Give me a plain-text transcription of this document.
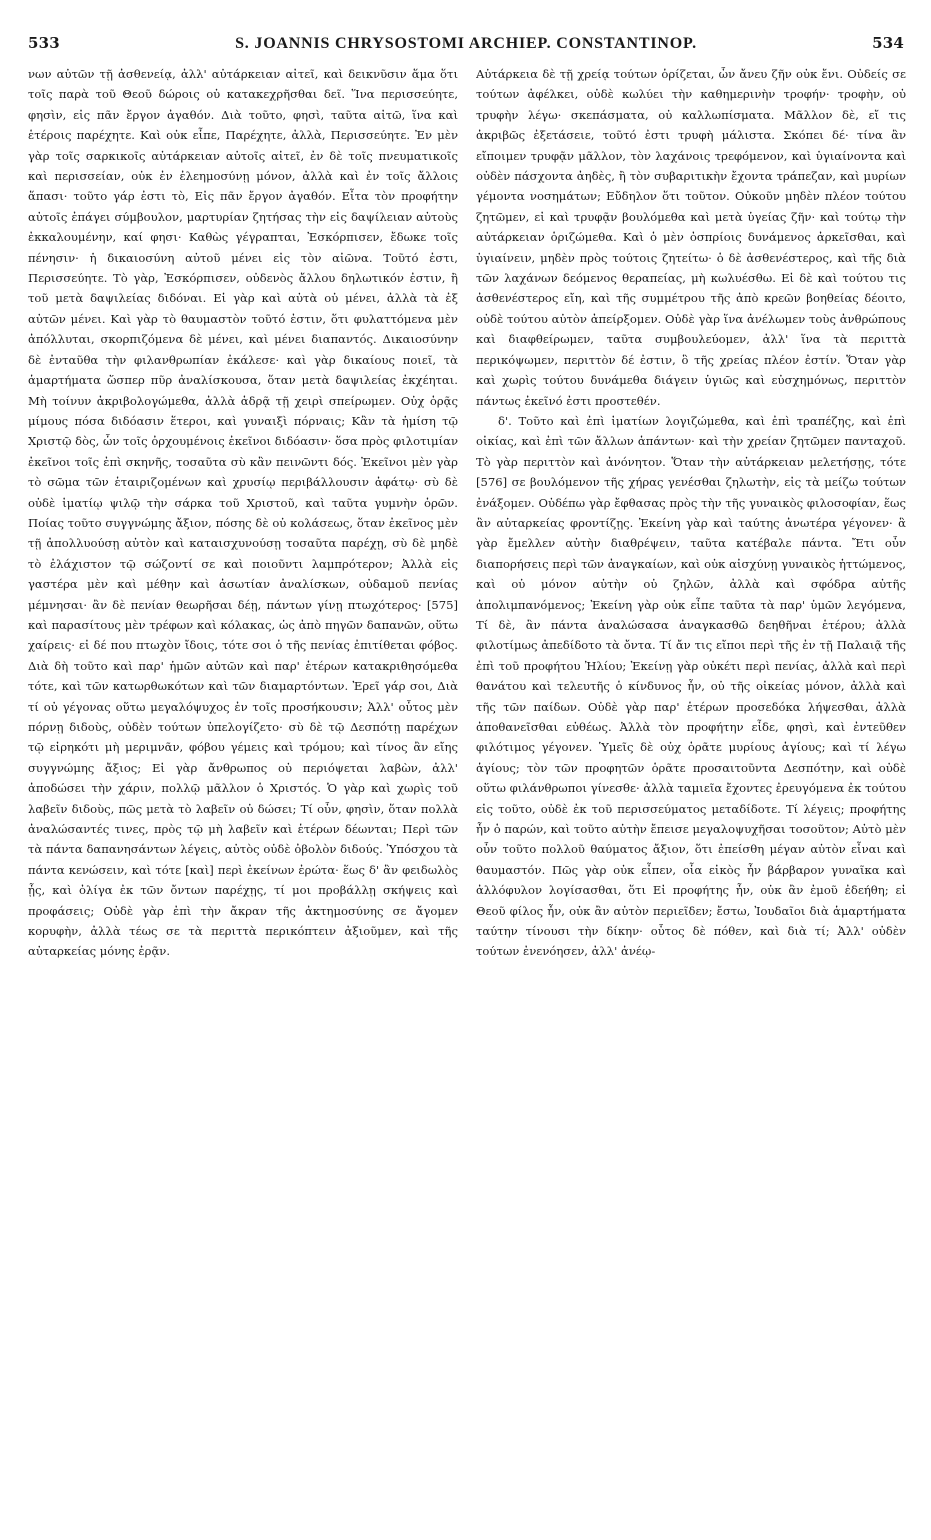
533	S. JOANNIS CHRYSOSTOMI ARCHIEP. CONSTANTINOP.	534

νων αὐτῶν τῇ ἀσθενείᾳ, ἀλλ' αὐτάρκειαν αἰτεῖ, καὶ δεικνῦσιν ἅμα ὅτι τοῖς παρὰ τοῦ Θεοῦ δώροις οὐ κατακεχρῆσθαι δεῖ. Ἵνα περισσεύητε, φησὶν, εἰς πᾶν ἔργον ἀγαθόν. Διὰ τοῦτο, φησὶ, ταῦτα αἰτῶ, ἵνα καὶ ἑτέροις παρέχητε. Καὶ οὐκ εἶπε, Παρέχητε, ἀλλὰ, Περισσεύητε. Ἐν μὲν γὰρ τοῖς σαρκικοῖς αὐτάρκειαν αὐτοῖς αἰτεῖ, ἐν δὲ τοῖς πνευματικοῖς καὶ περισσείαν, οὐκ ἐν ἐλεημοσύνῃ μόνον, ἀλλὰ καὶ ἐν τοῖς ἄλλοις ἅπασι· τοῦτο γάρ ἐστι τὸ, Εἰς πᾶν ἔργον ἀγαθόν. Εἶτα τὸν προφήτην αὐτοῖς ἐπάγει σύμβουλον, μαρτυρίαν ζητήσας τὴν εἰς δαψίλειαν αὐτοὺς ἐκκαλουμένην, καί φησι· Καθὼς γέγραπται, Ἐσκόρπισεν, ἔδωκε τοῖς πένησιν· ἡ δικαιοσύνη αὐτοῦ μένει εἰς τὸν αἰῶνα. Τοῦτό ἐστι, Περισσεύητε. Τὸ γὰρ, Ἐσκόρπισεν, οὐδενὸς ἄλλου δηλωτικόν ἐστιν, ἢ τοῦ μετὰ δαψιλείας διδόναι. Εἰ γὰρ καὶ αὐτὰ οὐ μένει, ἀλλὰ τὰ ἐξ αὐτῶν μένει. Καὶ γὰρ τὸ θαυμαστὸν τοῦτό ἐστιν, ὅτι φυλαττόμενα μὲν ἀπόλλυται, σκορπιζόμενα δὲ μένει, καὶ μένει διαπαντός. Δικαιοσύνην δὲ ἐνταῦθα τὴν φιλανθρωπίαν ἐκάλεσε· καὶ γὰρ δικαίους ποιεῖ, τὰ ἁμαρτήματα ὥσπερ πῦρ ἀναλίσκουσα, ὅταν μετὰ δαψιλείας ἐκχέηται. Μὴ τοίνυν ἀκριβολογώμεθα, ἀλλὰ ἁδρᾷ τῇ χειρὶ σπείρωμεν. Οὐχ ὁρᾷς μίμους πόσα διδόασιν ἕτεροι, καὶ γυναιξὶ πόρναις; Κἂν τὰ ἡμίση τῷ Χριστῷ δὸς, ὧν τοῖς ὀρχουμένοις ἐκεῖνοι διδόασιν· ὅσα πρὸς φιλοτιμίαν ἐκεῖνοι τοῖς ἐπὶ σκηνῆς, τοσαῦτα σὺ κἂν πεινῶντι δός. Ἐκεῖνοι μὲν γὰρ τὸ σῶμα τῶν ἑταιριζομένων καὶ χρυσίῳ περιβάλλουσιν ἀφάτῳ· σὺ δὲ οὐδὲ ἱματίῳ ψιλῷ τὴν σάρκα τοῦ Χριστοῦ, καὶ ταῦτα γυμνὴν ὁρῶν. Ποίας τοῦτο συγγνώμης ἄξιον, πόσης δὲ οὐ κολάσεως, ὅταν ἐκεῖνος μὲν τῇ ἀπολλυούσῃ αὐτὸν καὶ καταισχυνούσῃ τοσαῦτα παρέχῃ, σὺ δὲ μηδὲ τὸ ἐλάχιστον τῷ σώζοντί σε καὶ ποιοῦντι λαμπρότερον; Ἀλλὰ εἰς γαστέρα μὲν καὶ μέθην καὶ ἀσωτίαν ἀναλίσκων, οὐδαμοῦ πενίας μέμνησαι· ἂν δὲ πενίαν θεωρῆσαι δέῃ, πάντων γίνῃ πτωχότερος· [575] καὶ παρασίτους μὲν τρέφων καὶ κόλακας, ὡς ἀπὸ πηγῶν δαπανῶν, οὕτω χαίρεις· εἰ δέ που πτωχὸν ἴδοις, τότε σοι ὁ τῆς πενίας ἐπιτίθεται φόβος. Διὰ δὴ τοῦτο καὶ παρ' ἡμῶν αὐτῶν καὶ παρ' ἑτέρων κατακριθησόμεθα τότε, καὶ τῶν κατωρθωκότων καὶ τῶν διαμαρτόντων. Ἐρεῖ γάρ σοι, Διὰ τί οὐ γέγονας οὕτω μεγαλόψυχος ἐν τοῖς προσήκουσιν; Ἀλλ' οὗτος μὲν πόρνῃ διδοὺς, οὐδὲν τούτων ὑπελογίζετο· σὺ δὲ τῷ Δεσπότῃ παρέχων τῷ εἰρηκότι μὴ μεριμνᾶν, φόβου γέμεις καὶ τρόμου; καὶ τίνος ἂν εἴης συγγνώμης ἄξιος; Εἰ γὰρ ἄνθρωπος οὐ περιόψεται λαβὼν, ἀλλ' ἀποδώσει τὴν χάριν, πολλῷ μᾶλλον ὁ Χριστός. Ὁ γὰρ καὶ χωρὶς τοῦ λαβεῖν διδοὺς, πῶς μετὰ τὸ λαβεῖν οὐ δώσει; Τί οὖν, φησὶν, ὅταν πολλὰ ἀναλώσαντές τινες, πρὸς τῷ μὴ λαβεῖν καὶ ἑτέρων δέωνται; Περὶ τῶν τὰ πάντα δαπανησάντων λέγεις, αὐτὸς οὐδὲ ὀβολὸν διδούς. Ὑπόσχου τὰ πάντα κενώσειν, καὶ τότε [καὶ] περὶ ἐκείνων ἐρώτα· ἕως δ' ἂν φειδωλὸς ᾖς, καὶ ὀλίγα ἐκ τῶν ὄντων παρέχῃς, τί μοι προβάλλῃ σκήψεις καὶ προφάσεις; Οὐδὲ γὰρ ἐπὶ τὴν ἄκραν τῆς ἀκτημοσύνης σε ἄγομεν κορυφὴν, ἀλλὰ τέως σε τὰ περιττὰ περικόπτειν ἀξιοῦμεν, καὶ τῆς αὐταρκείας μόνης ἐρᾷν.

Αὐτάρκεια δὲ τῇ χρείᾳ τούτων ὁρίζεται, ὧν ἄνευ ζῆν οὐκ ἔνι. Οὐδείς σε τούτων ἀφέλκει, οὐδὲ κωλύει τὴν καθημερινὴν τροφήν· τροφὴν, οὐ τρυφὴν λέγω· σκεπάσματα, οὐ καλλωπίσματα. Μᾶλλον δὲ, εἴ τις ἀκριβῶς ἐξετάσειε, τοῦτό ἐστι τρυφὴ μάλιστα. Σκόπει δέ· τίνα ἂν εἴποιμεν τρυφᾷν μᾶλλον, τὸν λαχάνοις τρεφόμενον, καὶ ὑγιαίνοντα καὶ οὐδὲν πάσχοντα ἀηδὲς, ἢ τὸν συβαριτικὴν ἔχοντα τράπεζαν, καὶ μυρίων γέμοντα νοσημάτων; Εὔδηλον ὅτι τοῦτον. Οὐκοῦν μηδὲν πλέον τούτου ζητῶμεν, εἰ καὶ τρυφᾷν βουλόμεθα καὶ μετὰ ὑγείας ζῆν· καὶ τούτῳ τὴν αὐτάρκειαν ὁριζώμεθα. Καὶ ὁ μὲν ὀσπρίοις δυνάμενος ἀρκεῖσθαι, καὶ ὑγιαίνειν, μηδὲν πρὸς τούτοις ζητείτω· ὁ δὲ ἀσθενέστερος, καὶ τῆς διὰ τῶν λαχάνων δεόμενος θεραπείας, μὴ κωλυέσθω. Εἰ δὲ καὶ τούτου τις ἀσθενέστερος εἴη, καὶ τῆς συμμέτρου τῆς ἀπὸ κρεῶν βοηθείας δέοιτο, οὐδὲ τούτου αὐτὸν ἀπείρξομεν. Οὐδὲ γὰρ ἵνα ἀνέλωμεν τοὺς ἀνθρώπους καὶ διαφθείρωμεν, ταῦτα συμβουλεύομεν, ἀλλ' ἵνα τὰ περιττὰ περικόψωμεν, περιττὸν δέ ἐστιν, ὃ τῆς χρείας πλέον ἐστίν. Ὅταν γὰρ καὶ χωρὶς τούτου δυνάμεθα διάγειν ὑγιῶς καὶ εὐσχημόνως, περιττὸν πάντως ἐκεῖνό ἐστι προστεθέν.

δ'. Τοῦτο καὶ ἐπὶ ἱματίων λογιζώμεθα, καὶ ἐπὶ τραπέζης, καὶ ἐπὶ οἰκίας, καὶ ἐπὶ τῶν ἄλλων ἁπάντων· καὶ τὴν χρείαν ζητῶμεν πανταχοῦ. Τὸ γὰρ περιττὸν καὶ ἀνόνητον. Ὅταν τὴν αὐτάρκειαν μελετήσῃς, τότε [576] σε βουλόμενον τῆς χήρας γενέσθαι ζηλωτὴν, εἰς τὰ μείζω τούτων ἐνάξομεν. Οὐδέπω γὰρ ἔφθασας πρὸς τὴν τῆς γυναικὸς φιλοσοφίαν, ἕως ἂν αὐταρκείας φροντίζῃς. Ἐκείνη γὰρ καὶ ταύτης ἀνωτέρα γέγονεν· ἃ γὰρ ἔμελλεν αὐτὴν διαθρέψειν, ταῦτα κατέβαλε πάντα. Ἔτι οὖν διαπορήσεις περὶ τῶν ἀναγκαίων, καὶ οὐκ αἰσχύνῃ γυναικὸς ἡττώμενος, καὶ οὐ μόνον αὐτὴν οὐ ζηλῶν, ἀλλὰ καὶ σφόδρα αὐτῆς ἀπολιμπανόμενος; Ἐκείνη γὰρ οὐκ εἶπε ταῦτα τὰ παρ' ὑμῶν λεγόμενα, Τί δὲ, ἂν πάντα ἀναλώσασα ἀναγκασθῶ δεηθῆναι ἑτέρου; ἀλλὰ φιλοτίμως ἀπεδίδοτο τὰ ὄντα. Τί ἄν τις εἴποι περὶ τῆς ἐν τῇ Παλαιᾷ τῆς ἐπὶ τοῦ προφήτου Ἠλίου; Ἐκείνῃ γὰρ οὐκέτι περὶ πενίας, ἀλλὰ καὶ περὶ θανάτου καὶ τελευτῆς ὁ κίνδυνος ἦν, οὐ τῆς οἰκείας μόνον, ἀλλὰ καὶ τῆς τῶν παίδων. Οὐδὲ γὰρ παρ' ἑτέρων προσεδόκα λήψεσθαι, ἀλλὰ ἀποθανεῖσθαι εὐθέως. Ἀλλὰ τὸν προφήτην εἶδε, φησὶ, καὶ ἐντεῦθεν φιλότιμος γέγονεν. Ὑμεῖς δὲ οὐχ ὁρᾶτε μυρίους ἁγίους; καὶ τί λέγω ἁγίους; τὸν τῶν προφητῶν ὁρᾶτε προσαιτοῦντα Δεσπότην, καὶ οὐδὲ οὕτω φιλάνθρωποι γίνεσθε· ἀλλὰ ταμιεῖα ἔχοντες ἐρευγόμενα ἐκ τούτου εἰς τοῦτο, οὐδὲ ἐκ τοῦ περισσεύματος μεταδίδοτε. Τί λέγεις; προφήτης ἦν ὁ παρών, καὶ τοῦτο αὐτὴν ἔπεισε μεγαλοψυχῆσαι τοσοῦτον; Αὐτὸ μὲν οὖν τοῦτο πολλοῦ θαύματος ἄξιον, ὅτι ἐπείσθη μέγαν αὐτὸν εἶναι καὶ θαυμαστόν. Πῶς γὰρ οὐκ εἶπεν, οἷα εἰκὸς ἦν βάρβαρον γυναῖκα καὶ ἀλλόφυλον λογίσασθαι, ὅτι Εἰ προφήτης ἦν, οὐκ ἂν ἐμοῦ ἐδεήθη; εἰ Θεοῦ φίλος ἦν, οὐκ ἂν αὐτὸν περιεῖδεν; ἔστω, Ἰουδαῖοι διὰ ἁμαρτήματα ταύτην τίνουσι τὴν δίκην· οὗτος δὲ πόθεν, καὶ διὰ τί; Ἀλλ' οὐδὲν τούτων ἐνενόησεν, ἀλλ' ἀνέῳ-
